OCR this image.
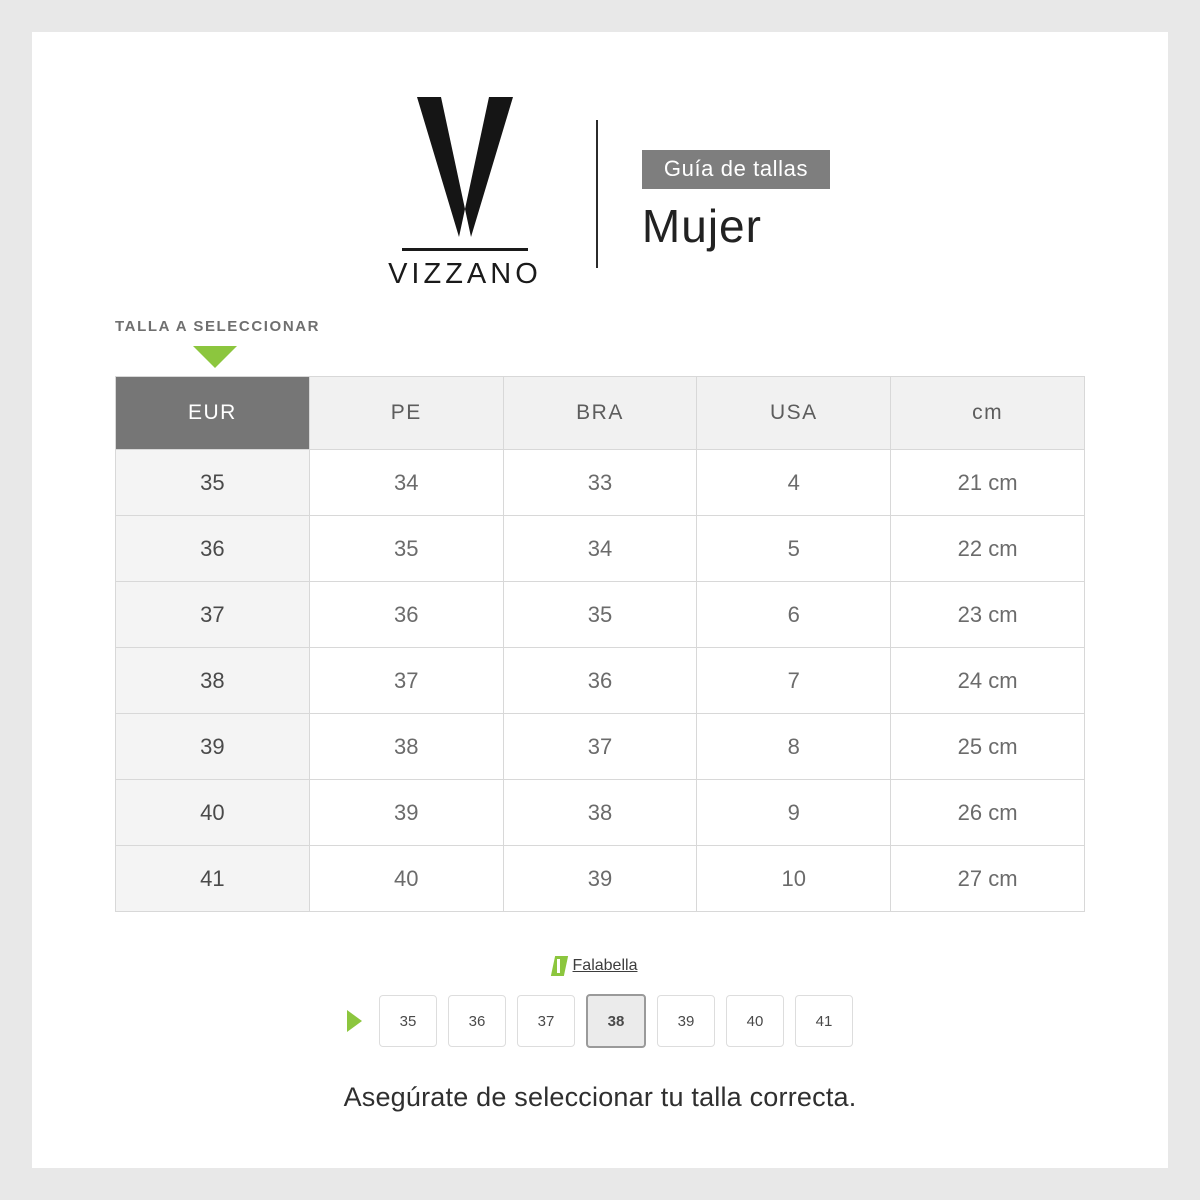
VIZZANO
Guía de tallas
Mujer
TALLA A SELECCIONAR
EUR	PE	BRA	USA	cm
35	34	33	4	21 cm
36	35	34	5	22 cm
37	36	35	6	23 cm
38	37	36	7	24 cm
39	38	37	8	25 cm
40	39	38	9	26 cm
41	40	39	10	27 cm
Falabella
35	36	37	38	39	40	41
Asegúrate de seleccionar tu talla correcta.
